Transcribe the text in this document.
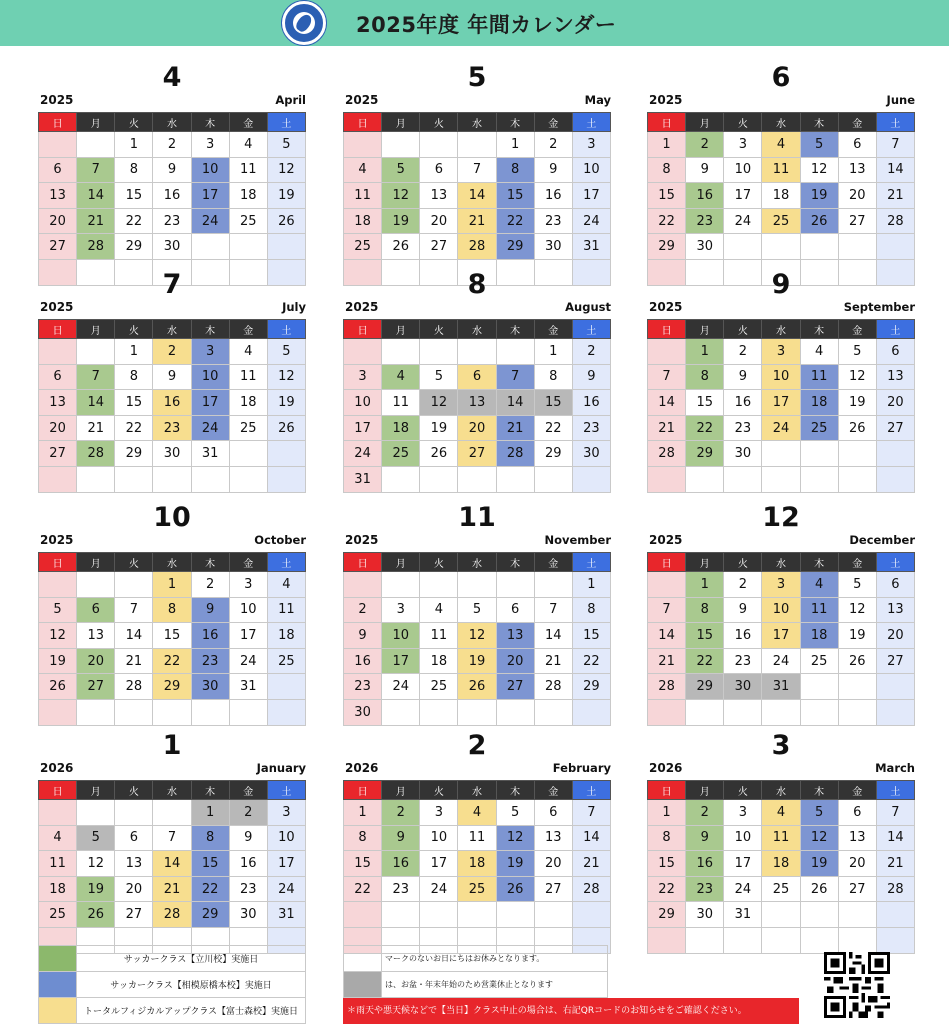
2025年度 年間カレンダー
2025
4
April
日	月	火	水	木	金	土
		1	2	3	4	5
6	7	8	9	10	11	12
13	14	15	16	17	18	19
20	21	22	23	24	25	26
27	28	29	30			

2025
5
May
日	月	火	水	木	金	土
				1	2	3
4	5	6	7	8	9	10
11	12	13	14	15	16	17
18	19	20	21	22	23	24
25	26	27	28	29	30	31

2025
6
June
日	月	火	水	木	金	土
1	2	3	4	5	6	7
8	9	10	11	12	13	14
15	16	17	18	19	20	21
22	23	24	25	26	27	28
29	30					

2025
7
July
日	月	火	水	木	金	土
		1	2	3	4	5
6	7	8	9	10	11	12
13	14	15	16	17	18	19
20	21	22	23	24	25	26
27	28	29	30	31		

2025
8
August
日	月	火	水	木	金	土
					1	2
3	4	5	6	7	8	9
10	11	12	13	14	15	16
17	18	19	20	21	22	23
24	25	26	27	28	29	30
31						
2025
9
September
日	月	火	水	木	金	土
	1	2	3	4	5	6
7	8	9	10	11	12	13
14	15	16	17	18	19	20
21	22	23	24	25	26	27
28	29	30				

2025
10
October
日	月	火	水	木	金	土
			1	2	3	4
5	6	7	8	9	10	11
12	13	14	15	16	17	18
19	20	21	22	23	24	25
26	27	28	29	30	31	

2025
11
November
日	月	火	水	木	金	土
						1
2	3	4	5	6	7	8
9	10	11	12	13	14	15
16	17	18	19	20	21	22
23	24	25	26	27	28	29
30						
2025
12
December
日	月	火	水	木	金	土
	1	2	3	4	5	6
7	8	9	10	11	12	13
14	15	16	17	18	19	20
21	22	23	24	25	26	27
28	29	30	31			

2026
1
January
日	月	火	水	木	金	土
				1	2	3
4	5	6	7	8	9	10
11	12	13	14	15	16	17
18	19	20	21	22	23	24
25	26	27	28	29	30	31

2026
2
February
日	月	火	水	木	金	土
1	2	3	4	5	6	7
8	9	10	11	12	13	14
15	16	17	18	19	20	21
22	23	24	25	26	27	28

2026
3
March
日	月	火	水	木	金	土
1	2	3	4	5	6	7
8	9	10	11	12	13	14
15	16	17	18	19	20	21
22	23	24	25	26	27	28
29	30	31				

	サッカークラス【立川校】実施日
	サッカークラス【相模原橋本校】実施日
	トータルフィジカルアップクラス【富士森校】実施日
	マークのないお日にちはお休みとなります。
	は、お盆・年末年始のため営業休止となります
＊雨天や悪天候などで【当日】クラス中止の場合は、右記QRコードのお知らせをご確認ください。
